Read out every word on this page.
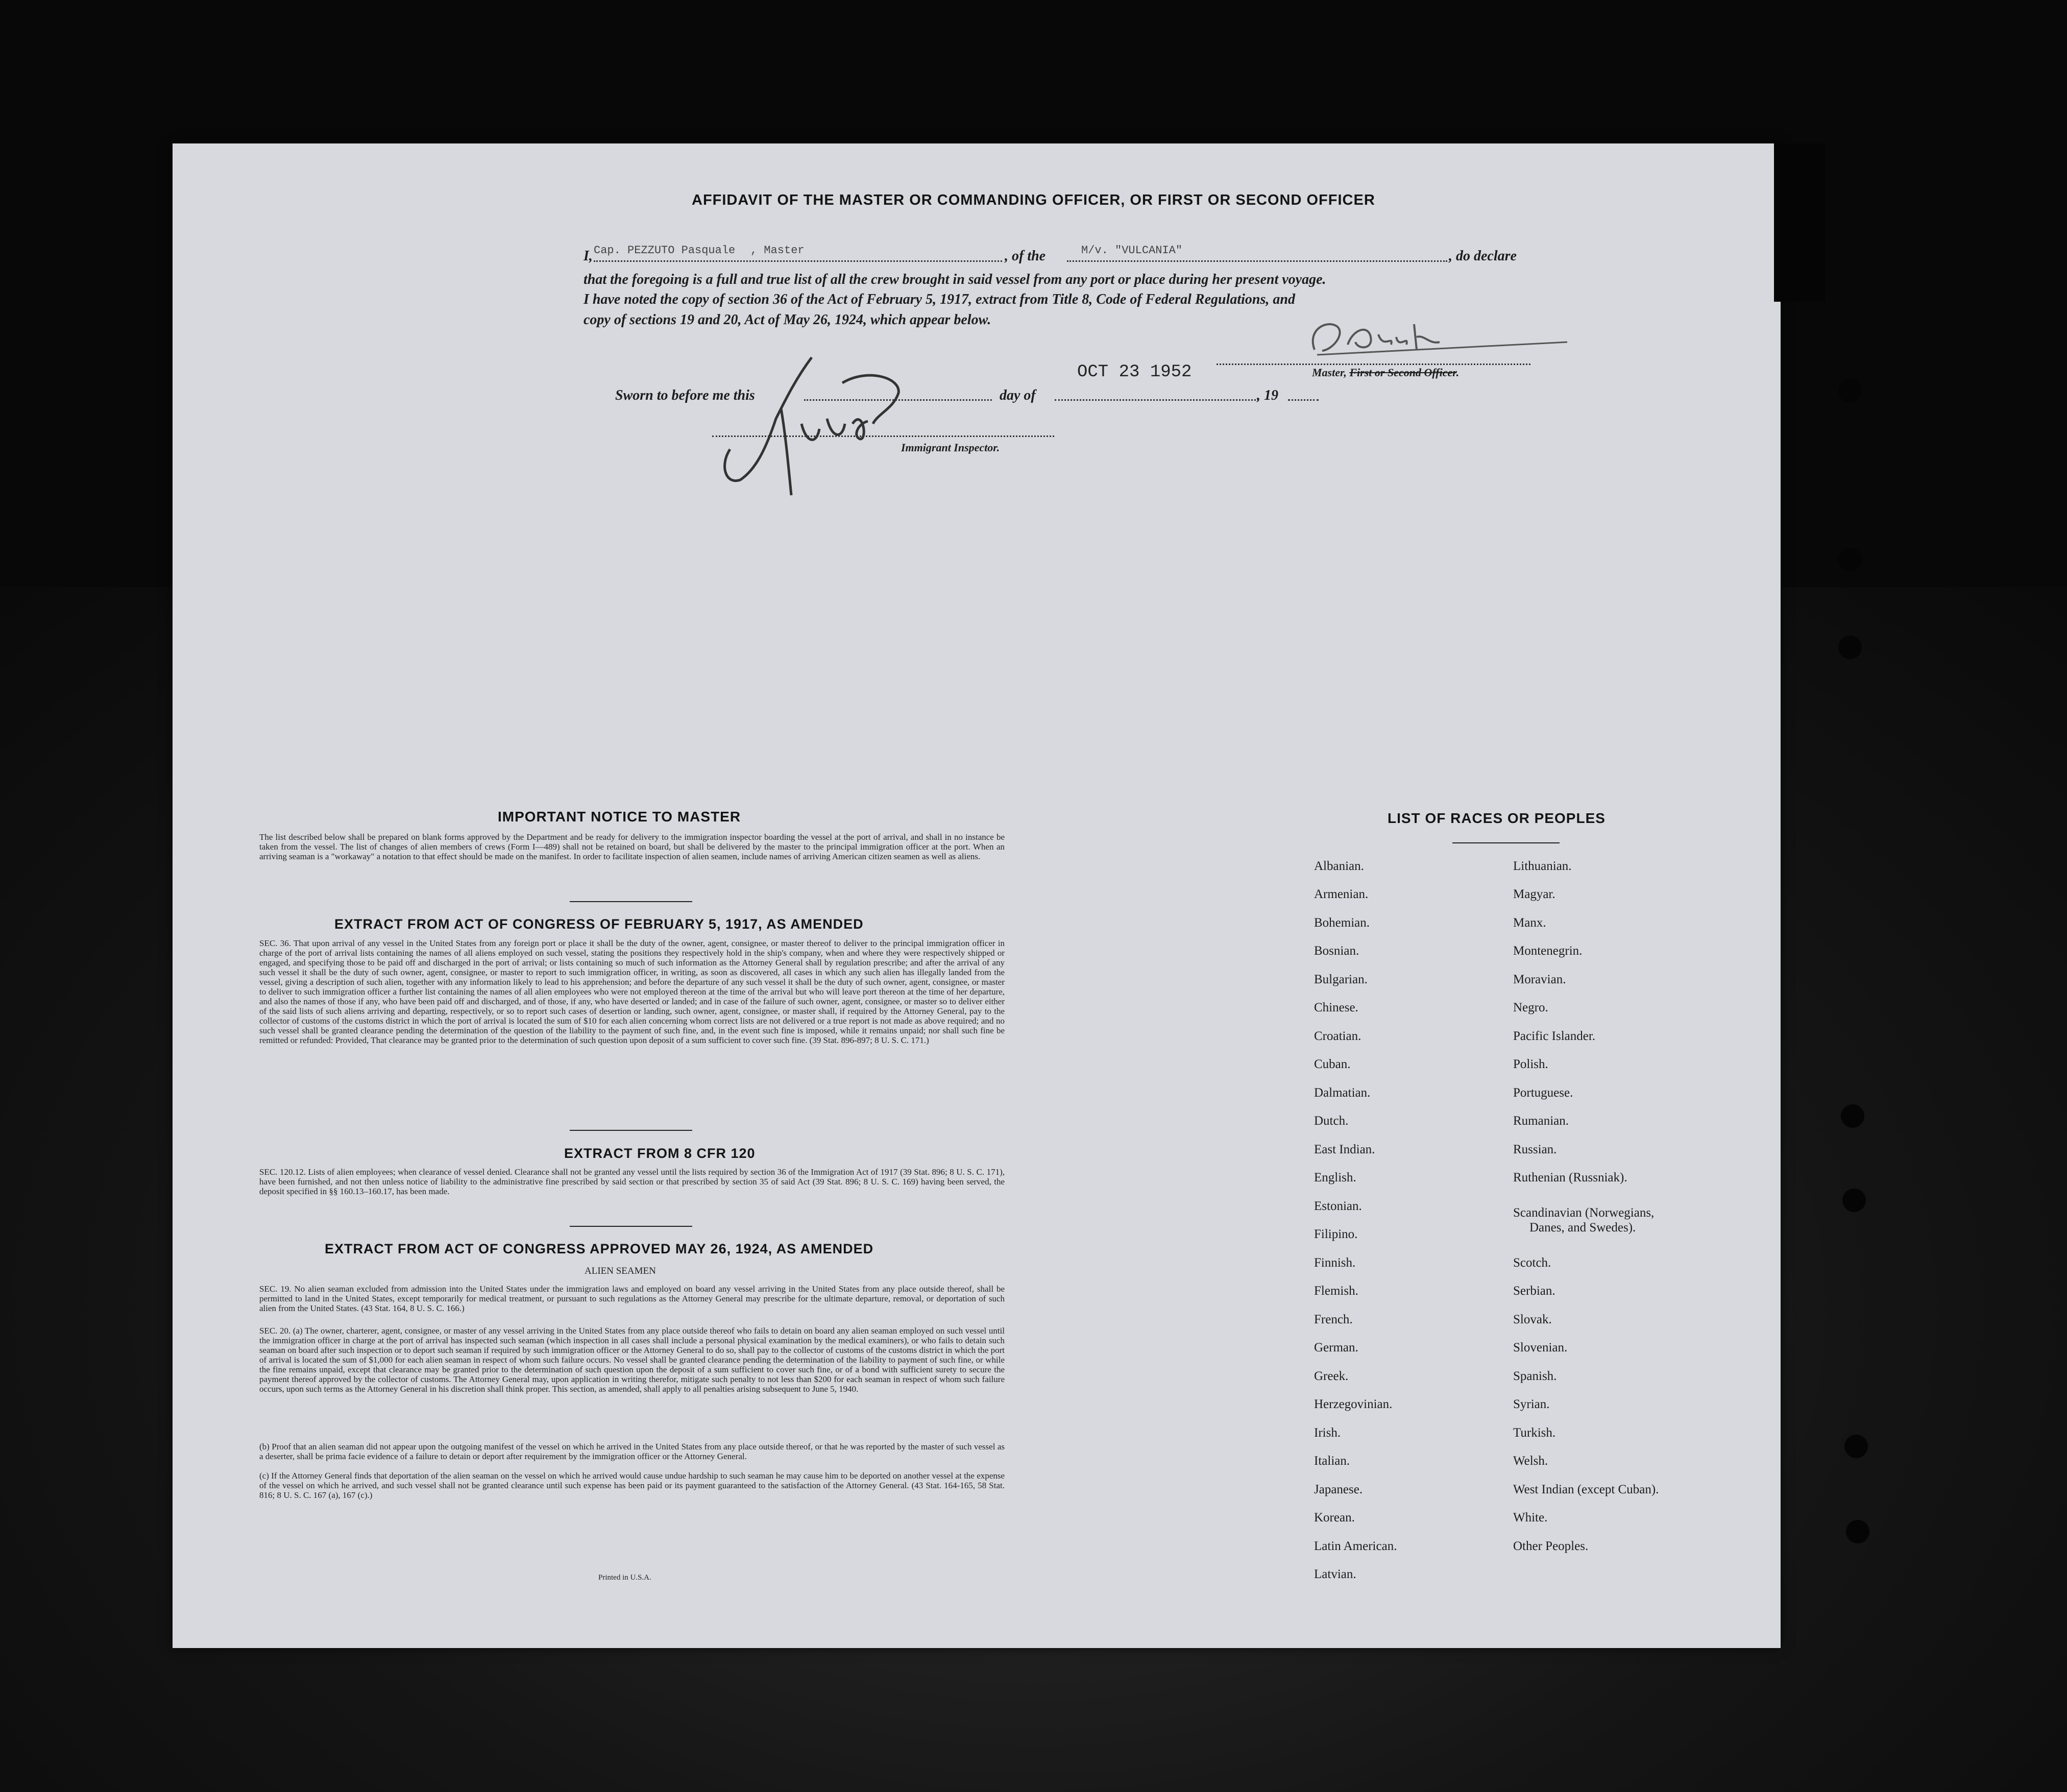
AFFIDAVIT OF THE MASTER OR COMMANDING OFFICER, OR FIRST OR SECOND OFFICER
I, Cap. PEZZUTO Pasquale , Master	, of the	M/v. "VULCANIA"	, do declare
that the foregoing is a full and true list of all the crew brought in said vessel from any port or place during her present voyage.
I have noted the copy of section 36 of the Act of February 5, 1917, extract from Title 8, Code of Federal Regulations, and
copy of sections 19 and 20, Act of May 26, 1924, which appear below.
OCT 23 1952	Master, First or Second Officer.
Sworn to before me this	day of	, 19
Immigrant Inspector.
IMPORTANT NOTICE TO MASTER
The list described below shall be prepared on blank forms approved by the Department and be ready for delivery to the immigration inspector boarding the vessel at the port of arrival, and shall in no instance be taken from the vessel. The list of changes of alien members of crews (Form I—489) shall not be retained on board, but shall be delivered by the master to the principal immigration officer at the port. When an arriving seaman is a "workaway" a notation to that effect should be made on the manifest. In order to facilitate inspection of alien seamen, include names of arriving American citizen seamen as well as aliens.
EXTRACT FROM ACT OF CONGRESS OF FEBRUARY 5, 1917, AS AMENDED
SEC. 36. That upon arrival of any vessel in the United States from any foreign port or place it shall be the duty of the owner, agent, consignee, or master thereof to deliver to the principal immigration officer in charge of the port of arrival lists containing the names of all aliens employed on such vessel, stating the positions they respectively hold in the ship's company, when and where they were respectively shipped or engaged, and specifying those to be paid off and discharged in the port of arrival; or lists containing so much of such information as the Attorney General shall by regulation prescribe; and after the arrival of any such vessel it shall be the duty of such owner, agent, consignee, or master to report to such immigration officer, in writing, as soon as discovered, all cases in which any such alien has illegally landed from the vessel, giving a description of such alien, together with any information likely to lead to his apprehension; and before the departure of any such vessel it shall be the duty of such owner, agent, consignee, or master to deliver to such immigration officer a further list containing the names of all alien employees who were not employed thereon at the time of the arrival but who will leave port thereon at the time of her departure, and also the names of those if any, who have been paid off and discharged, and of those, if any, who have deserted or landed; and in case of the failure of such owner, agent, consignee, or master so to deliver either of the said lists of such aliens arriving and departing, respectively, or so to report such cases of desertion or landing, such owner, agent, consignee, or master shall, if required by the Attorney General, pay to the collector of customs of the customs district in which the port of arrival is located the sum of $10 for each alien concerning whom correct lists are not delivered or a true report is not made as above required; and no such vessel shall be granted clearance pending the determination of the question of the liability to the payment of such fine, and, in the event such fine is imposed, while it remains unpaid; nor shall such fine be remitted or refunded: Provided, That clearance may be granted prior to the determination of such question upon deposit of a sum sufficient to cover such fine. (39 Stat. 896-897; 8 U. S. C. 171.)
EXTRACT FROM 8 CFR 120
SEC. 120.12. Lists of alien employees; when clearance of vessel denied. Clearance shall not be granted any vessel until the lists required by section 36 of the Immigration Act of 1917 (39 Stat. 896; 8 U. S. C. 171), have been furnished, and not then unless notice of liability to the administrative fine prescribed by said section or that prescribed by section 35 of said Act (39 Stat. 896; 8 U. S. C. 169) having been served, the deposit specified in §§ 160.13–160.17, has been made.
EXTRACT FROM ACT OF CONGRESS APPROVED MAY 26, 1924, AS AMENDED
ALIEN SEAMEN
SEC. 19. No alien seaman excluded from admission into the United States under the immigration laws and employed on board any vessel arriving in the United States from any place outside thereof, shall be permitted to land in the United States, except temporarily for medical treatment, or pursuant to such regulations as the Attorney General may prescribe for the ultimate departure, removal, or deportation of such alien from the United States. (43 Stat. 164, 8 U. S. C. 166.)
SEC. 20. (a) The owner, charterer, agent, consignee, or master of any vessel arriving in the United States from any place outside thereof who fails to detain on board any alien seaman employed on such vessel until the immigration officer in charge at the port of arrival has inspected such seaman (which inspection in all cases shall include a personal physical examination by the medical examiners), or who fails to detain such seaman on board after such inspection or to deport such seaman if required by such immigration officer or the Attorney General to do so, shall pay to the collector of customs of the customs district in which the port of arrival is located the sum of $1,000 for each alien seaman in respect of whom such failure occurs. No vessel shall be granted clearance pending the determination of the liability to payment of such fine, or while the fine remains unpaid, except that clearance may be granted prior to the determination of such question upon the deposit of a sum sufficient to cover such fine, or of a bond with sufficient surety to secure the payment thereof approved by the collector of customs. The Attorney General may, upon application in writing therefor, mitigate such penalty to not less than $200 for each seaman in respect of whom such failure occurs, upon such terms as the Attorney General in his discretion shall think proper. This section, as amended, shall apply to all penalties arising subsequent to June 5, 1940.
(b) Proof that an alien seaman did not appear upon the outgoing manifest of the vessel on which he arrived in the United States from any place outside thereof, or that he was reported by the master of such vessel as a deserter, shall be prima facie evidence of a failure to detain or deport after requirement by the immigration officer or the Attorney General.
(c) If the Attorney General finds that deportation of the alien seaman on the vessel on which he arrived would cause undue hardship to such seaman he may cause him to be deported on another vessel at the expense of the vessel on which he arrived, and such vessel shall not be granted clearance until such expense has been paid or its payment guaranteed to the satisfaction of the Attorney General. (43 Stat. 164-165, 58 Stat. 816; 8 U. S. C. 167 (a), 167 (c).)
Printed in U.S.A.
LIST OF RACES OR PEOPLES
Albanian.
Armenian.
Bohemian.
Bosnian.
Bulgarian.
Chinese.
Croatian.
Cuban.
Dalmatian.
Dutch.
East Indian.
English.
Estonian.
Filipino.
Finnish.
Flemish.
French.
German.
Greek.
Herzegovinian.
Irish.
Italian.
Japanese.
Korean.
Latin American.
Latvian.
Lithuanian.
Magyar.
Manx.
Montenegrin.
Moravian.
Negro.
Pacific Islander.
Polish.
Portuguese.
Rumanian.
Russian.
Ruthenian (Russniak).
Scandinavian (Norwegians,
Danes, and Swedes).
Scotch.
Serbian.
Slovak.
Slovenian.
Spanish.
Syrian.
Turkish.
Welsh.
West Indian (except Cuban).
White.
Other Peoples.
